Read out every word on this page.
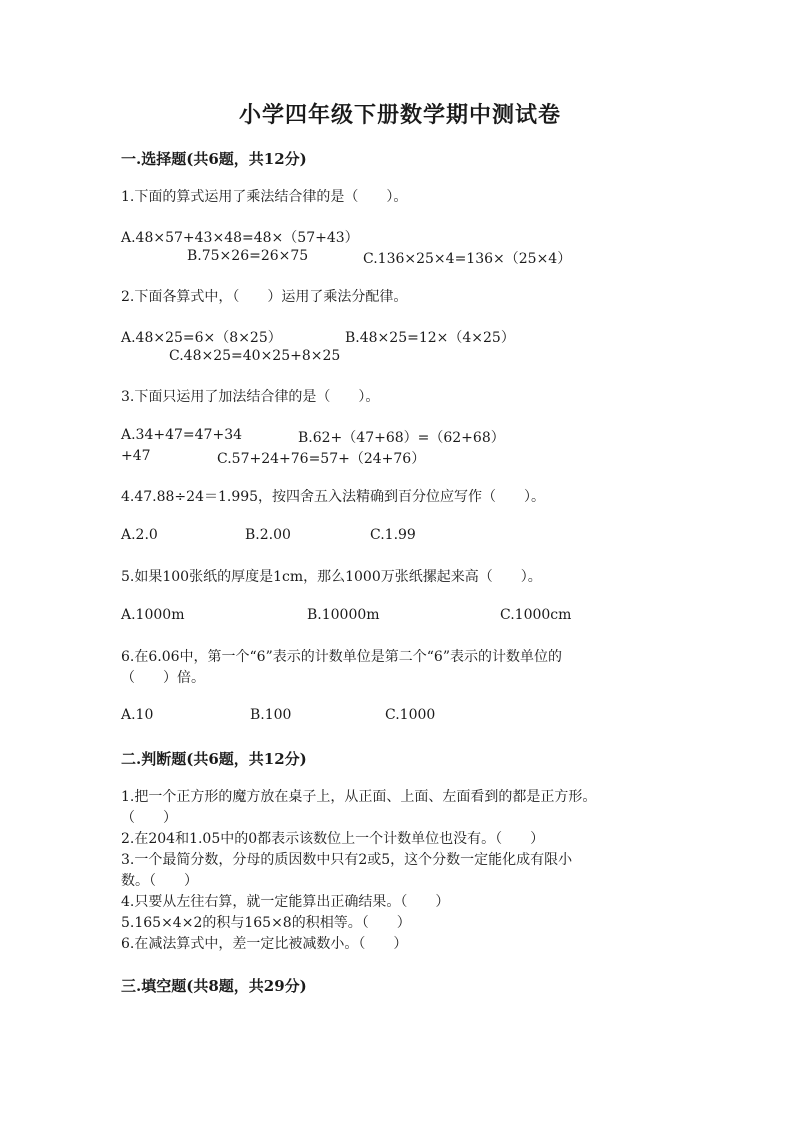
小学四年级下册数学期中测试卷
一.选择题(共6题，共12分)
1.下面的算式运用了乘法结合律的是（　　）。
A.48×57+43×48=48×（57+43）
B.75×26=26×75	C.136×25×4=136×（25×4）
2.下面各算式中，（　　）运用了乘法分配律。
A.48×25=6×（8×25）	B.48×25=12×（4×25）
C.48×25=40×25+8×25
3.下面只运用了加法结合律的是（　　）。
A.34+47=47+34	B.62+（47+68）=（62+68）
+47	C.57+24+76=57+（24+76）
4.47.88÷24＝1.995，按四舍五入法精确到百分位应写作（　　）。
A.2.0	B.2.00	C.1.99
5.如果100张纸的厚度是1cm，那么1000万张纸摞起来高（　　）。
A.1000m	B.10000m	C.1000cm
6.在6.06中，第一个“6”表示的计数单位是第二个“6”表示的计数单位的
（　　）倍。
A.10	B.100	C.1000
二.判断题(共6题，共12分)
1.把一个正方形的魔方放在桌子上，从正面、上面、左面看到的都是正方形。
（　　）
2.在204和1.05中的0都表示该数位上一个计数单位也没有。（　　）
3.一个最简分数，分母的质因数中只有2或5，这个分数一定能化成有限小
数。（　　）
4.只要从左往右算，就一定能算出正确结果。（　　）
5.165×4×2的积与165×8的积相等。（　　）
6.在减法算式中，差一定比被减数小。（　　）
三.填空题(共8题，共29分)
